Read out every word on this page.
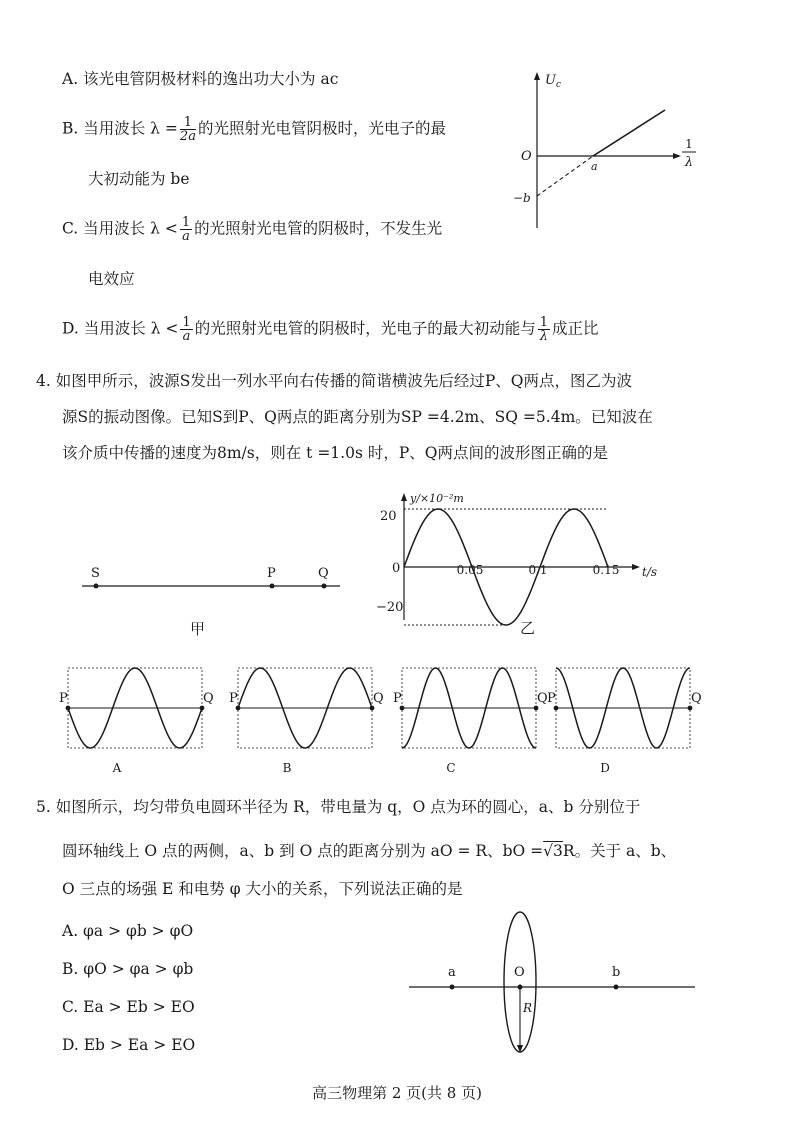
A. 该光电管阴极材料的逸出功大小为 ac
B. 当用波长 $\lambda = \frac{1}{2a}$ 的光照射光电管阴极时，光电子的最
大初动能为 be
C. 当用波长 $\lambda < \frac{1}{a}$ 的光照射光电管的阴极时，不发生光
电效应
D. 当用波长 $\lambda < \frac{1}{a}$ 的光照射光电管的阴极时，光电子的最大初动能与 $\frac{1}{\lambda}$ 成正比
$U_c$
O
a
−b
1
λ
4. 如图甲所示，波源S发出一列水平向右传播的简谐横波先后经过P、Q两点，图乙为波
源S的振动图像。已知S到P、Q两点的距离分别为SP =4.2m、SQ =5.4m。已知波在
该介质中传播的速度为8m/s，则在 t =1.0s 时，P、Q两点间的波形图正确的是
S	P	Q
甲
y/×10⁻²m
t/s
20
0
−20
0.05	0.1	0.15
乙
P	Q
A
P	Q
B
P	Q
C
P	Q
D
5. 如图所示，均匀带负电圆环半径为 R，带电量为 q，O 点为环的圆心，a、b 分别位于
圆环轴线上 O 点的两侧，a、b 到 O 点的距离分别为 aO = R、bO =√3R。关于 a、b、
O 三点的场强 E 和电势 φ 大小的关系，下列说法正确的是
A. φa > φb > φO
B. φO > φa > φb
C. Ea > Eb > EO
D. Eb > Ea > EO
a	O	b
R
高三物理第 2 页(共 8 页)
